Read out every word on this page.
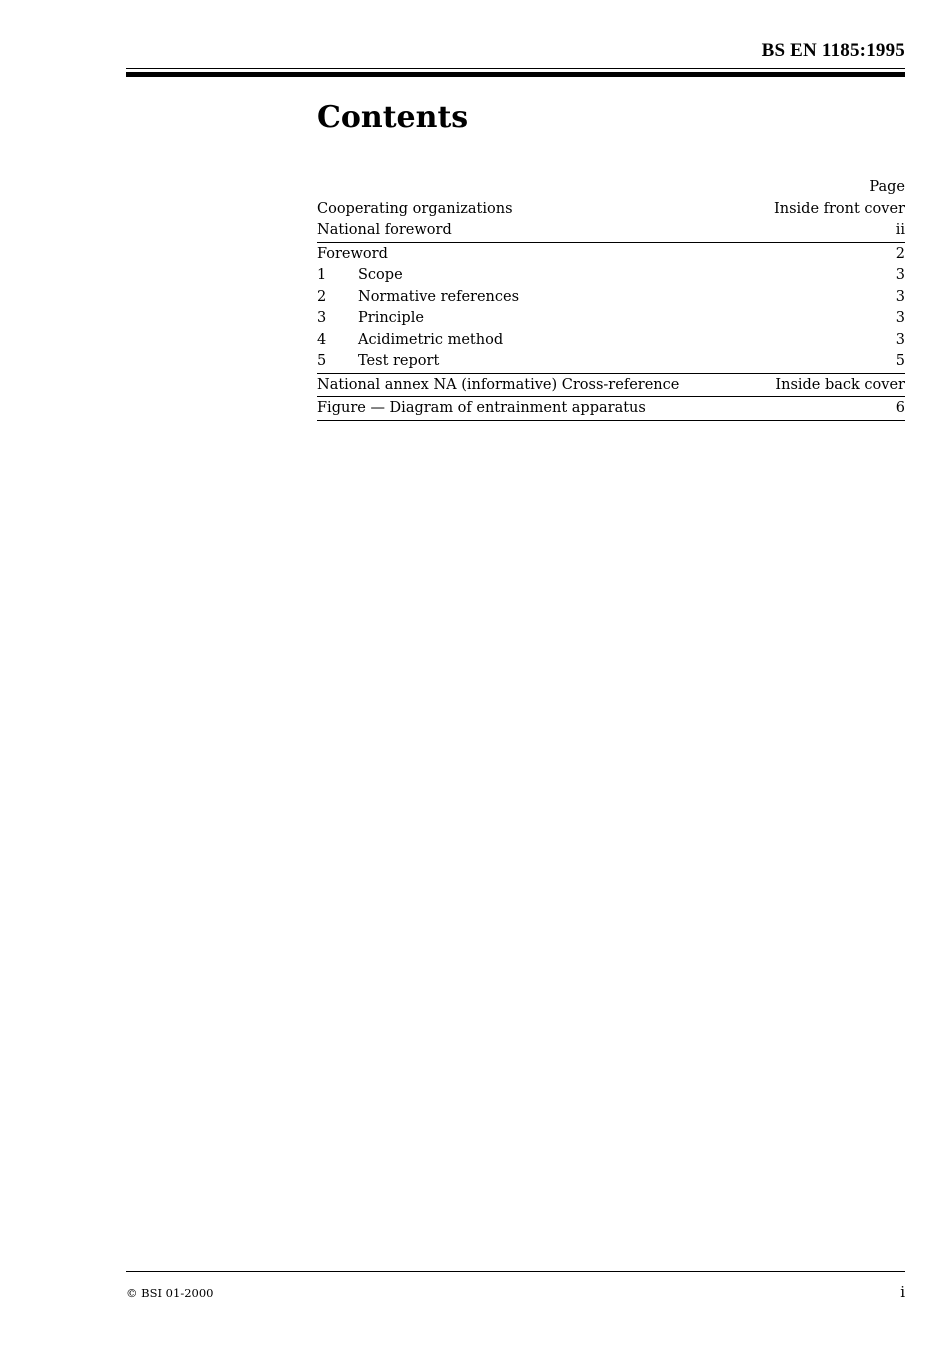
BS EN 1185:1995
Contents
Page
Cooperating organizations	Inside front cover
National foreword	ii
Foreword	2
1	Scope	3
2	Normative references	3
3	Principle	3
4	Acidimetric method	3
5	Test report	5
National annex NA (informative) Cross-reference	Inside back cover
Figure — Diagram of entrainment apparatus	6
© BSI 01-2000	i
